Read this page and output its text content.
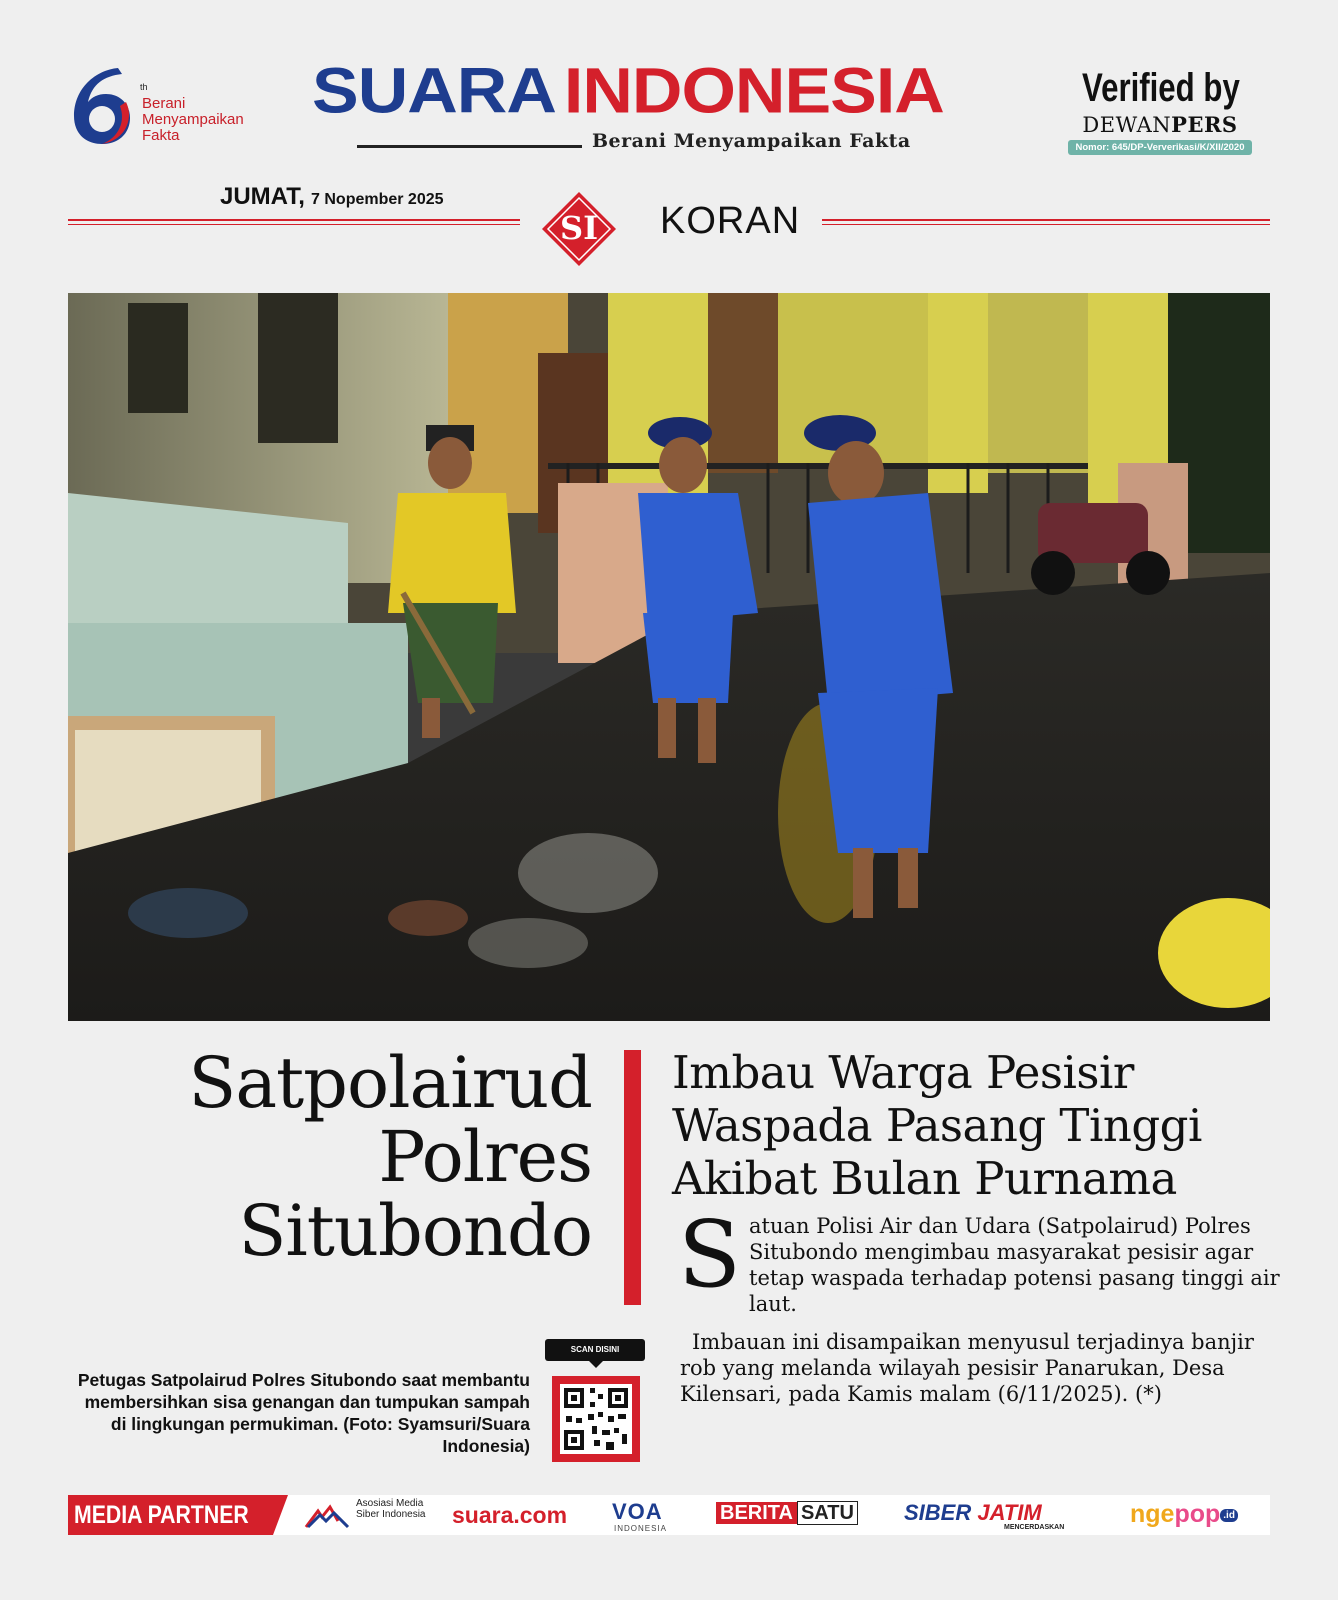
th
Berani Menyampaikan Fakta
SUARA INDONESIA
Berani Menyampaikan Fakta
Verified by
DEWANPERS
Nomor: 645/DP-Ververikasi/K/XII/2020
JUMAT, 7 Nopember 2025
SI KORAN
Satpolairud
Polres
Situbondo
Imbau Warga Pesisir
Waspada Pasang Tinggi
Akibat Bulan Purnama
Satuan Polisi Air dan Udara (Satpolairud) Polres Situbondo mengimbau masyarakat pesisir agar tetap waspada terhadap potensi pasang tinggi air laut.
Imbauan ini disampaikan menyusul terjadinya banjir rob yang melanda wilayah pesisir Panarukan, Desa Kilensari, pada Kamis malam (6/11/2025). (*)
Petugas Satpolairud Polres Situbondo saat membantu membersihkan sisa genangan dan tumpukan sampah di lingkungan permukiman. (Foto: Syamsuri/Suara Indonesia)
SCAN DISINI
MEDIA PARTNER	Asosiasi Media Siber Indonesia	suara.com VOA
INDONESIA
BERITA SATU SIBER JATIM
MENCERDASKAN	ngepop .id
